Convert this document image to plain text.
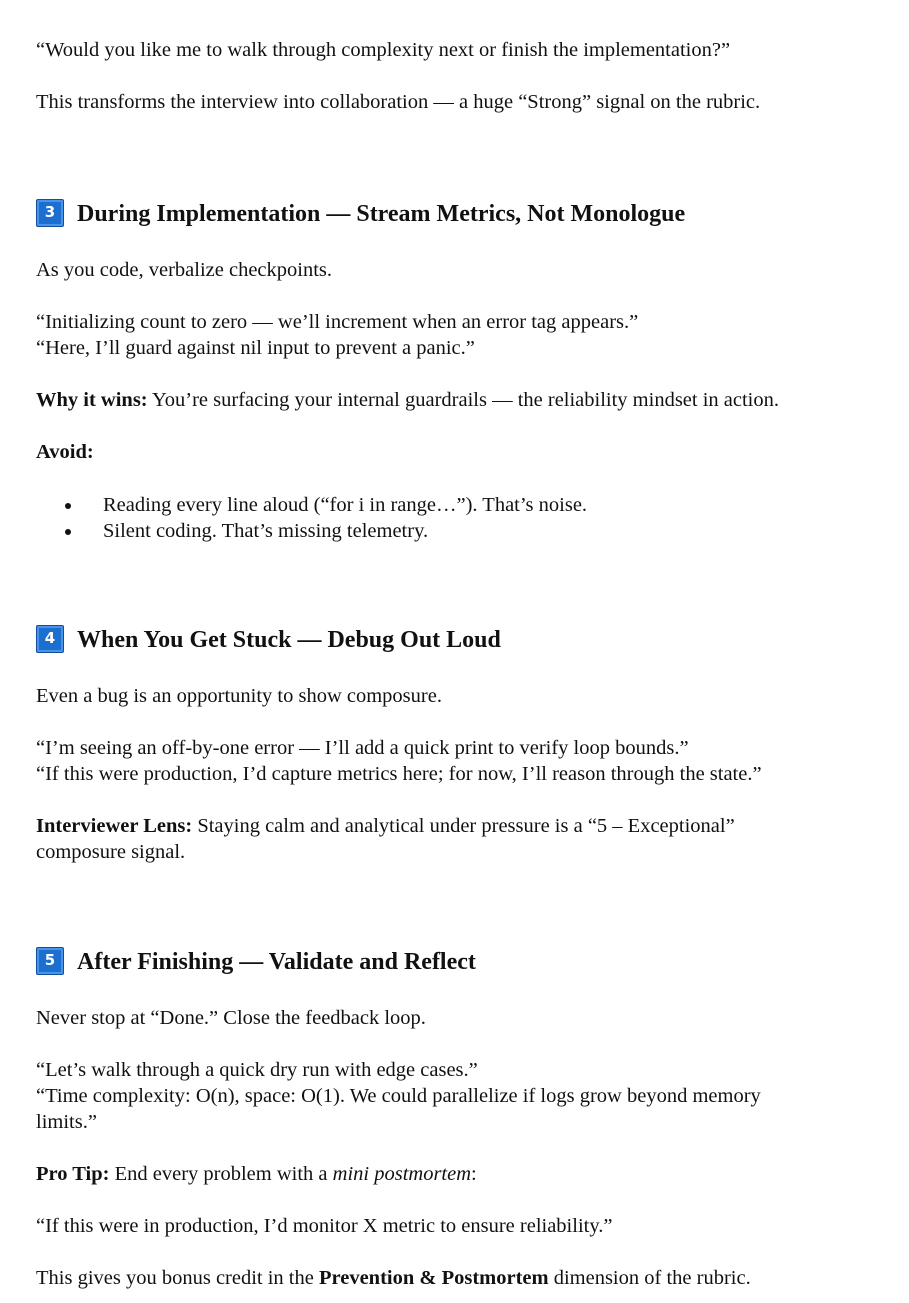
“Would you like me to walk through complexity next or finish the implementation?”
This transforms the interview into collaboration — a huge “Strong” signal on the rubric.
3 During Implementation — Stream Metrics, Not Monologue
As you code, verbalize checkpoints.
“Initializing count to zero — we’ll increment when an error tag appears.”
“Here, I’ll guard against nil input to prevent a panic.”
Why it wins: You’re surfacing your internal guardrails — the reliability mindset in action.
Avoid:
Reading every line aloud (“for i in range…”). That’s noise.
Silent coding. That’s missing telemetry.
4 When You Get Stuck — Debug Out Loud
Even a bug is an opportunity to show composure.
“I’m seeing an off-by-one error — I’ll add a quick print to verify loop bounds.”
“If this were production, I’d capture metrics here; for now, I’ll reason through the state.”
Interviewer Lens: Staying calm and analytical under pressure is a “5 – Exceptional”
composure signal.
5 After Finishing — Validate and Reflect
Never stop at “Done.” Close the feedback loop.
“Let’s walk through a quick dry run with edge cases.”
“Time complexity: O(n), space: O(1). We could parallelize if logs grow beyond memory
limits.”
Pro Tip: End every problem with a mini postmortem:
“If this were in production, I’d monitor X metric to ensure reliability.”
This gives you bonus credit in the Prevention & Postmortem dimension of the rubric.
